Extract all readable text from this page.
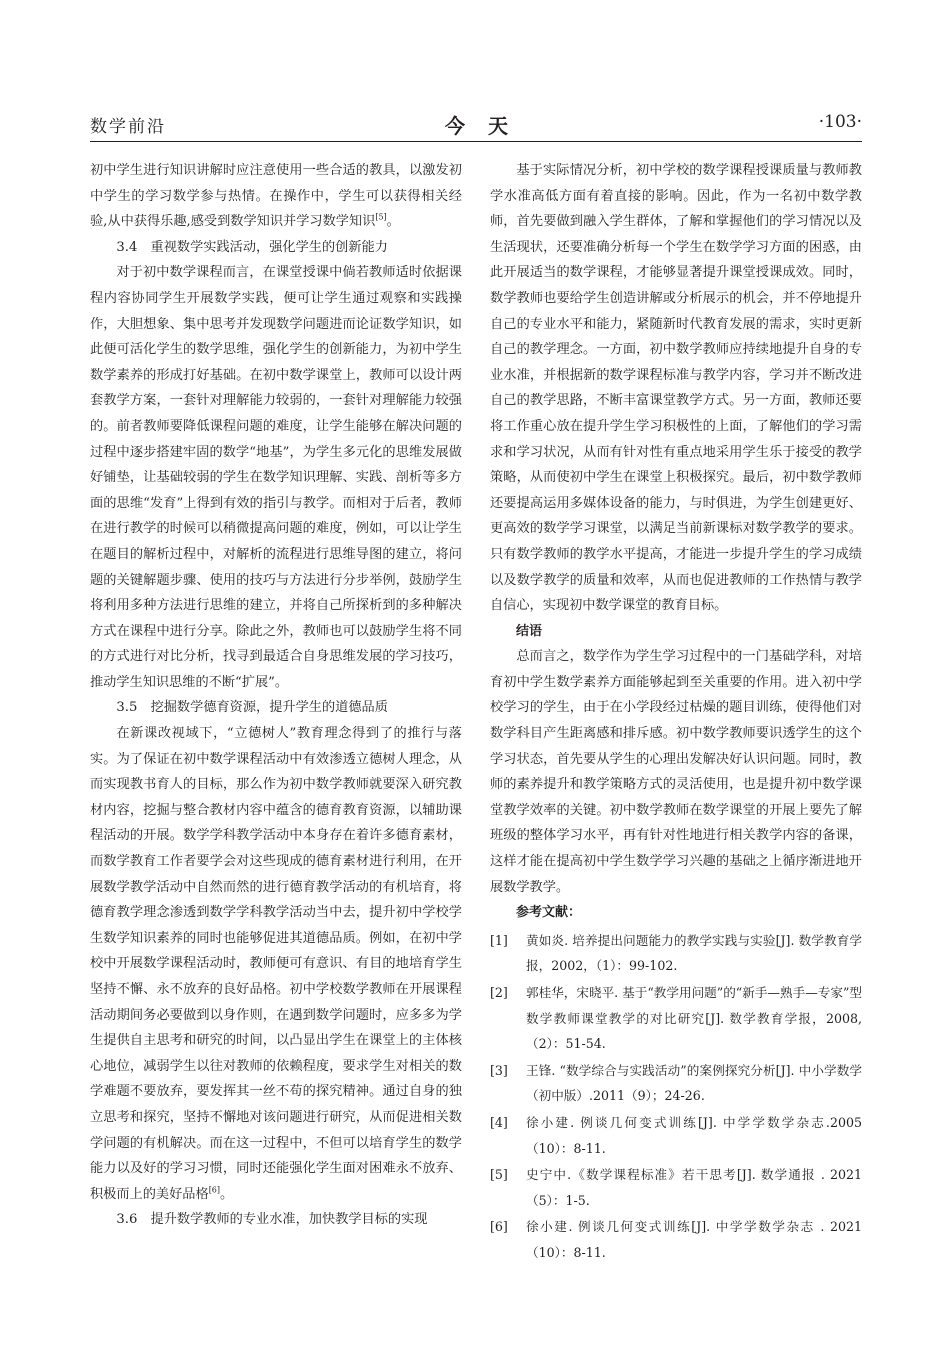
数学前沿	今 天	·103·

初中学生进行知识讲解时应注意使用一些合适的教具，以激发初中学生的学习数学参与热情。在操作中，学生可以获得相关经验,从中获得乐趣,感受到数学知识并学习数学知识[5]。

3.4　重视数学实践活动，强化学生的创新能力

对于初中数学课程而言，在课堂授课中倘若教师适时依据课程内容协同学生开展数学实践，便可让学生通过观察和实践操作，大胆想象、集中思考并发现数学问题进而论证数学知识，如此便可活化学生的数学思维，强化学生的创新能力，为初中学生数学素养的形成打好基础。在初中数学课堂上，教师可以设计两套教学方案，一套针对理解能力较弱的，一套针对理解能力较强的。前者教师要降低课程问题的难度，让学生能够在解决问题的过程中逐步搭建牢固的数学“地基”，为学生多元化的思维发展做好铺垫，让基础较弱的学生在数学知识理解、实践、剖析等多方面的思维“发育”上得到有效的指引与教学。而相对于后者，教师在进行教学的时候可以稍微提高问题的难度，例如，可以让学生在题目的解析过程中，对解析的流程进行思维导图的建立，将问题的关键解题步骤、使用的技巧与方法进行分步举例，鼓励学生将利用多种方法进行思维的建立，并将自己所探析到的多种解决方式在课程中进行分享。除此之外，教师也可以鼓励学生将不同的方式进行对比分析，找寻到最适合自身思维发展的学习技巧，推动学生知识思维的不断“扩展”。

3.5　挖掘数学德育资源，提升学生的道德品质

在新课改视域下，“立德树人”教育理念得到了的推行与落实。为了保证在初中数学课程活动中有效渗透立德树人理念，从而实现教书育人的目标，那么作为初中数学教师就要深入研究教材内容，挖掘与整合教材内容中蕴含的德育教育资源，以辅助课程活动的开展。数学学科教学活动中本身存在着许多德育素材，而数学教育工作者要学会对这些现成的德育素材进行利用，在开展数学教学活动中自然而然的进行德育教学活动的有机培育，将德育教学理念渗透到数学学科教学活动当中去，提升初中学校学生数学知识素养的同时也能够促进其道德品质。例如，在初中学校中开展数学课程活动时，教师便可有意识、有目的地培育学生坚持不懈、永不放弃的良好品格。初中学校数学教师在开展课程活动期间务必要做到以身作则，在遇到数学问题时，应多多为学生提供自主思考和研究的时间，以凸显出学生在课堂上的主体核心地位，减弱学生以往对教师的依赖程度，要求学生对相关的数学难题不要放弃，要发挥其一丝不苟的探究精神。通过自身的独立思考和探究，坚持不懈地对该问题进行研究，从而促进相关数学问题的有机解决。而在这一过程中，不但可以培育学生的数学能力以及好的学习习惯，同时还能强化学生面对困难永不放弃、积极而上的美好品格[6]。

3.6　提升数学教师的专业水准，加快教学目标的实现

基于实际情况分析，初中学校的数学课程授课质量与教师教学水准高低方面有着直接的影响。因此，作为一名初中数学教师，首先要做到融入学生群体，了解和掌握他们的学习情况以及生活现状，还要准确分析每一个学生在数学学习方面的困惑，由此开展适当的数学课程，才能够显著提升课堂授课成效。同时，数学教师也要给学生创造讲解或分析展示的机会，并不停地提升自己的专业水平和能力，紧随新时代教育发展的需求，实时更新自己的教学理念。一方面，初中数学教师应持续地提升自身的专业水准，并根据新的数学课程标准与教学内容，学习并不断改进自己的教学思路，不断丰富课堂教学方式。另一方面，教师还要将工作重心放在提升学生学习积极性的上面，了解他们的学习需求和学习状况，从而有针对性有重点地采用学生乐于接受的教学策略，从而使初中学生在课堂上积极探究。最后，初中数学教师还要提高运用多媒体设备的能力，与时俱进，为学生创建更好、更高效的数学学习课堂，以满足当前新课标对数学教学的要求。只有数学教师的教学水平提高，才能进一步提升学生的学习成绩以及数学教学的质量和效率，从而也促进教师的工作热情与教学自信心，实现初中数学课堂的教育目标。

结语

总而言之，数学作为学生学习过程中的一门基础学科，对培育初中学生数学素养方面能够起到至关重要的作用。进入初中学校学习的学生，由于在小学段经过枯燥的题目训练，使得他们对数学科目产生距离感和排斥感。初中数学教师要识透学生的这个学习状态，首先要从学生的心理出发解决好认识问题。同时，教师的素养提升和教学策略方式的灵活使用，也是提升初中数学课堂教学效率的关键。初中数学教师在数学课堂的开展上要先了解班级的整体学习水平，再有针对性地进行相关教学内容的备课，这样才能在提高初中学生数学学习兴趣的基础之上循序渐进地开展数学教学。

参考文献：

[1] 黄如炎. 培养提出问题能力的教学实践与实验[J]. 数学教育学报，2002，（1）：99-102.
[2] 郭桂华，宋晓平. 基于“教学用问题”的“新手—熟手—专家”型数学教师课堂教学的对比研究[J]. 数学教育学报，2008,（2）：51-54.
[3] 王锋. “数学综合与实践活动”的案例探究分析[J]. 中小学数学（初中版）.2011（9）；24-26.
[4] 徐小建. 例谈几何变式训练[J]. 中学学数学杂志.2005（10）：8-11.
[5] 史宁中.《数学课程标准》若干思考[J]. 数学通报 . 2021（5）：1-5.
[6] 徐小建. 例谈几何变式训练[J]. 中学学数学杂志 . 2021（10）：8-11.
